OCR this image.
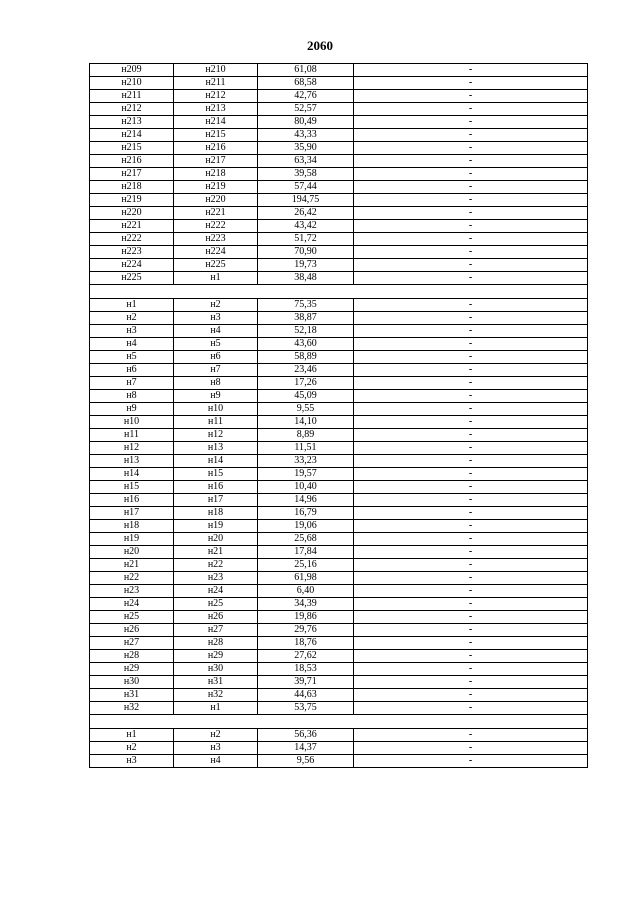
2060
н209	н210	61,08	-
н210	н211	68,58	-
н211	н212	42,76	-
н212	н213	52,57	-
н213	н214	80,49	-
н214	н215	43,33	-
н215	н216	35,90	-
н216	н217	63,34	-
н217	н218	39,58	-
н218	н219	57,44	-
н219	н220	194,75	-
н220	н221	26,42	-
н221	н222	43,42	-
н222	н223	51,72	-
н223	н224	70,90	-
н224	н225	19,73	-
н225	н1	38,48	-

н1	н2	75,35	-
н2	н3	38,87	-
н3	н4	52,18	-
н4	н5	43,60	-
н5	н6	58,89	-
н6	н7	23,46	-
н7	н8	17,26	-
н8	н9	45,09	-
н9	н10	9,55	-
н10	н11	14,10	-
н11	н12	8,89	-
н12	н13	11,51	-
н13	н14	33,23	-
н14	н15	19,57	-
н15	н16	10,40	-
н16	н17	14,96	-
н17	н18	16,79	-
н18	н19	19,06	-
н19	н20	25,68	-
н20	н21	17,84	-
н21	н22	25,16	-
н22	н23	61,98	-
н23	н24	6,40	-
н24	н25	34,39	-
н25	н26	19,86	-
н26	н27	29,76	-
н27	н28	18,76	-
н28	н29	27,62	-
н29	н30	18,53	-
н30	н31	39,71	-
н31	н32	44,63	-
н32	н1	53,75	-

н1	н2	56,36	-
н2	н3	14,37	-
н3	н4	9,56	-
